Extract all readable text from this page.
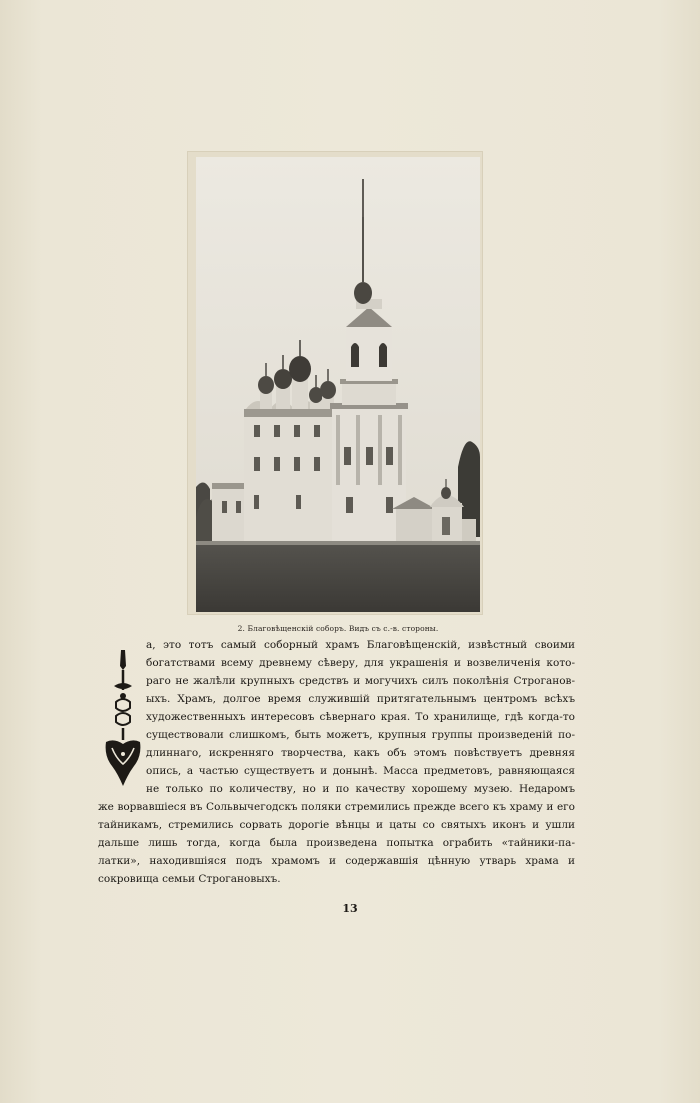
2. Благовѣщенскій соборъ. Видъ съ с.-в. стороны.
а, это тотъ самый соборный храмъ Благовѣщенскій, извѣстный своими
богатствами всему древнему сѣверу, для украшенія и возвеличенія кото-
раго не жалѣли крупныхъ средствъ и могучихъ силъ поколѣнія Строганов-
ыхъ. Храмъ, долгое время служившій притягательнымъ центромъ всѣхъ
художественныхъ интересовъ сѣвернаго края. То хранилище, гдѣ когда-то
существовали слишкомъ, быть можетъ, крупныя группы произведеній по-
длиннаго, искренняго творчества, какъ объ этомъ повѣствуетъ древняя
опись, а частью существуетъ и донынѣ. Масса предметовъ, равняющаяся
не только по количеству, но и по качеству хорошему музею. Недаромъ
же ворвавшіеся въ Сольвычегодскъ поляки стремились прежде всего къ храму и его
тайникамъ, стремились сорвать дорогіе вѣнцы и цаты со святыхъ иконъ и ушли
дальше лишь тогда, когда была произведена попытка ограбить «тайники-па-
латки», находившіяся подъ храмомъ и содержавшія цѣнную утварь храма и
сокровища семьи Строгановыхъ.
13
